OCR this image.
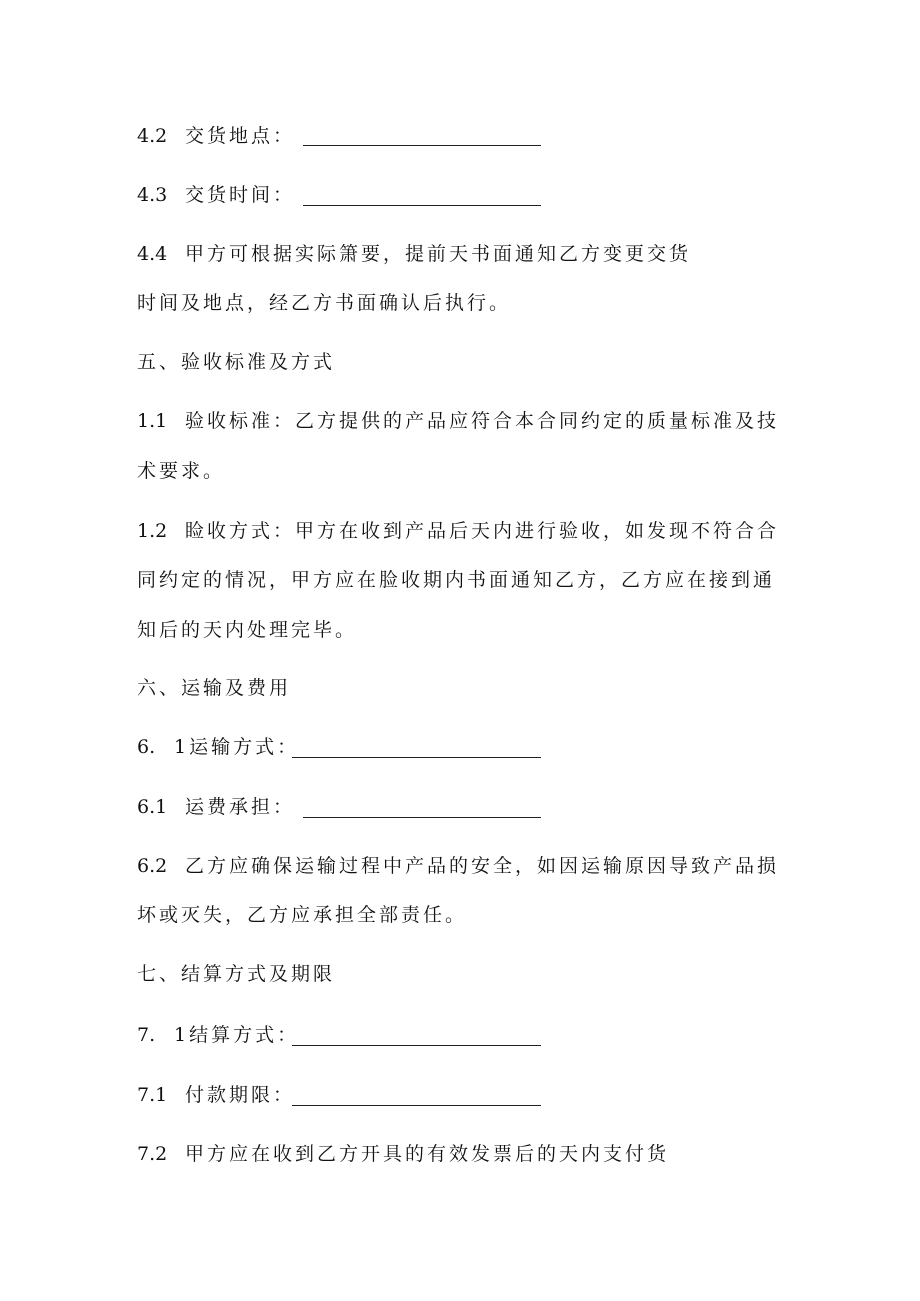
4.2 交货地点：
4.3 交货时间：
4.4 甲方可根据实际箫要，提前天书面通知乙方变更交货
时间及地点，经乙方书面确认后执行。
五、验收标准及方式
1.1 验收标准：乙方提供的产品应符合本合同约定的质量标准及技
术要求。
1.2 睑收方式：甲方在收到产品后天内进行验收，如发现不符合合
同约定的情况，甲方应在脸收期内书面通知乙方，乙方应在接到通
知后的天内处理完毕。
六、运输及费用
6. 1运输方式：
6.1 运费承担：
6.2 乙方应确保运输过程中产品的安全，如因运输原因导致产品损
坏或灭失，乙方应承担全部责任。
七、结算方式及期限
7. 1结算方式：
7.1 付款期限：
7.2 甲方应在收到乙方开具的有效发票后的天内支付货
